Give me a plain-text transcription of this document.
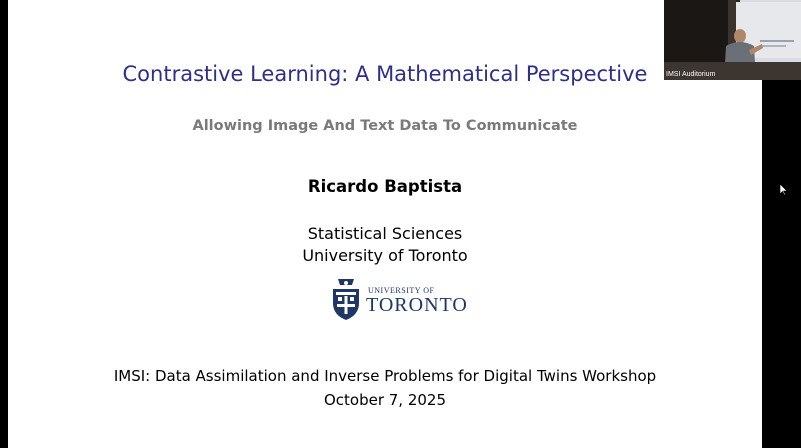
Contrastive Learning: A Mathematical Perspective
Allowing Image And Text Data To Communicate
Ricardo Baptista
Statistical Sciences
University of Toronto
UNIVERSITY OF
TORONTO
IMSI: Data Assimilation and Inverse Problems for Digital Twins Workshop
October 7, 2025
IMSI Auditorium
